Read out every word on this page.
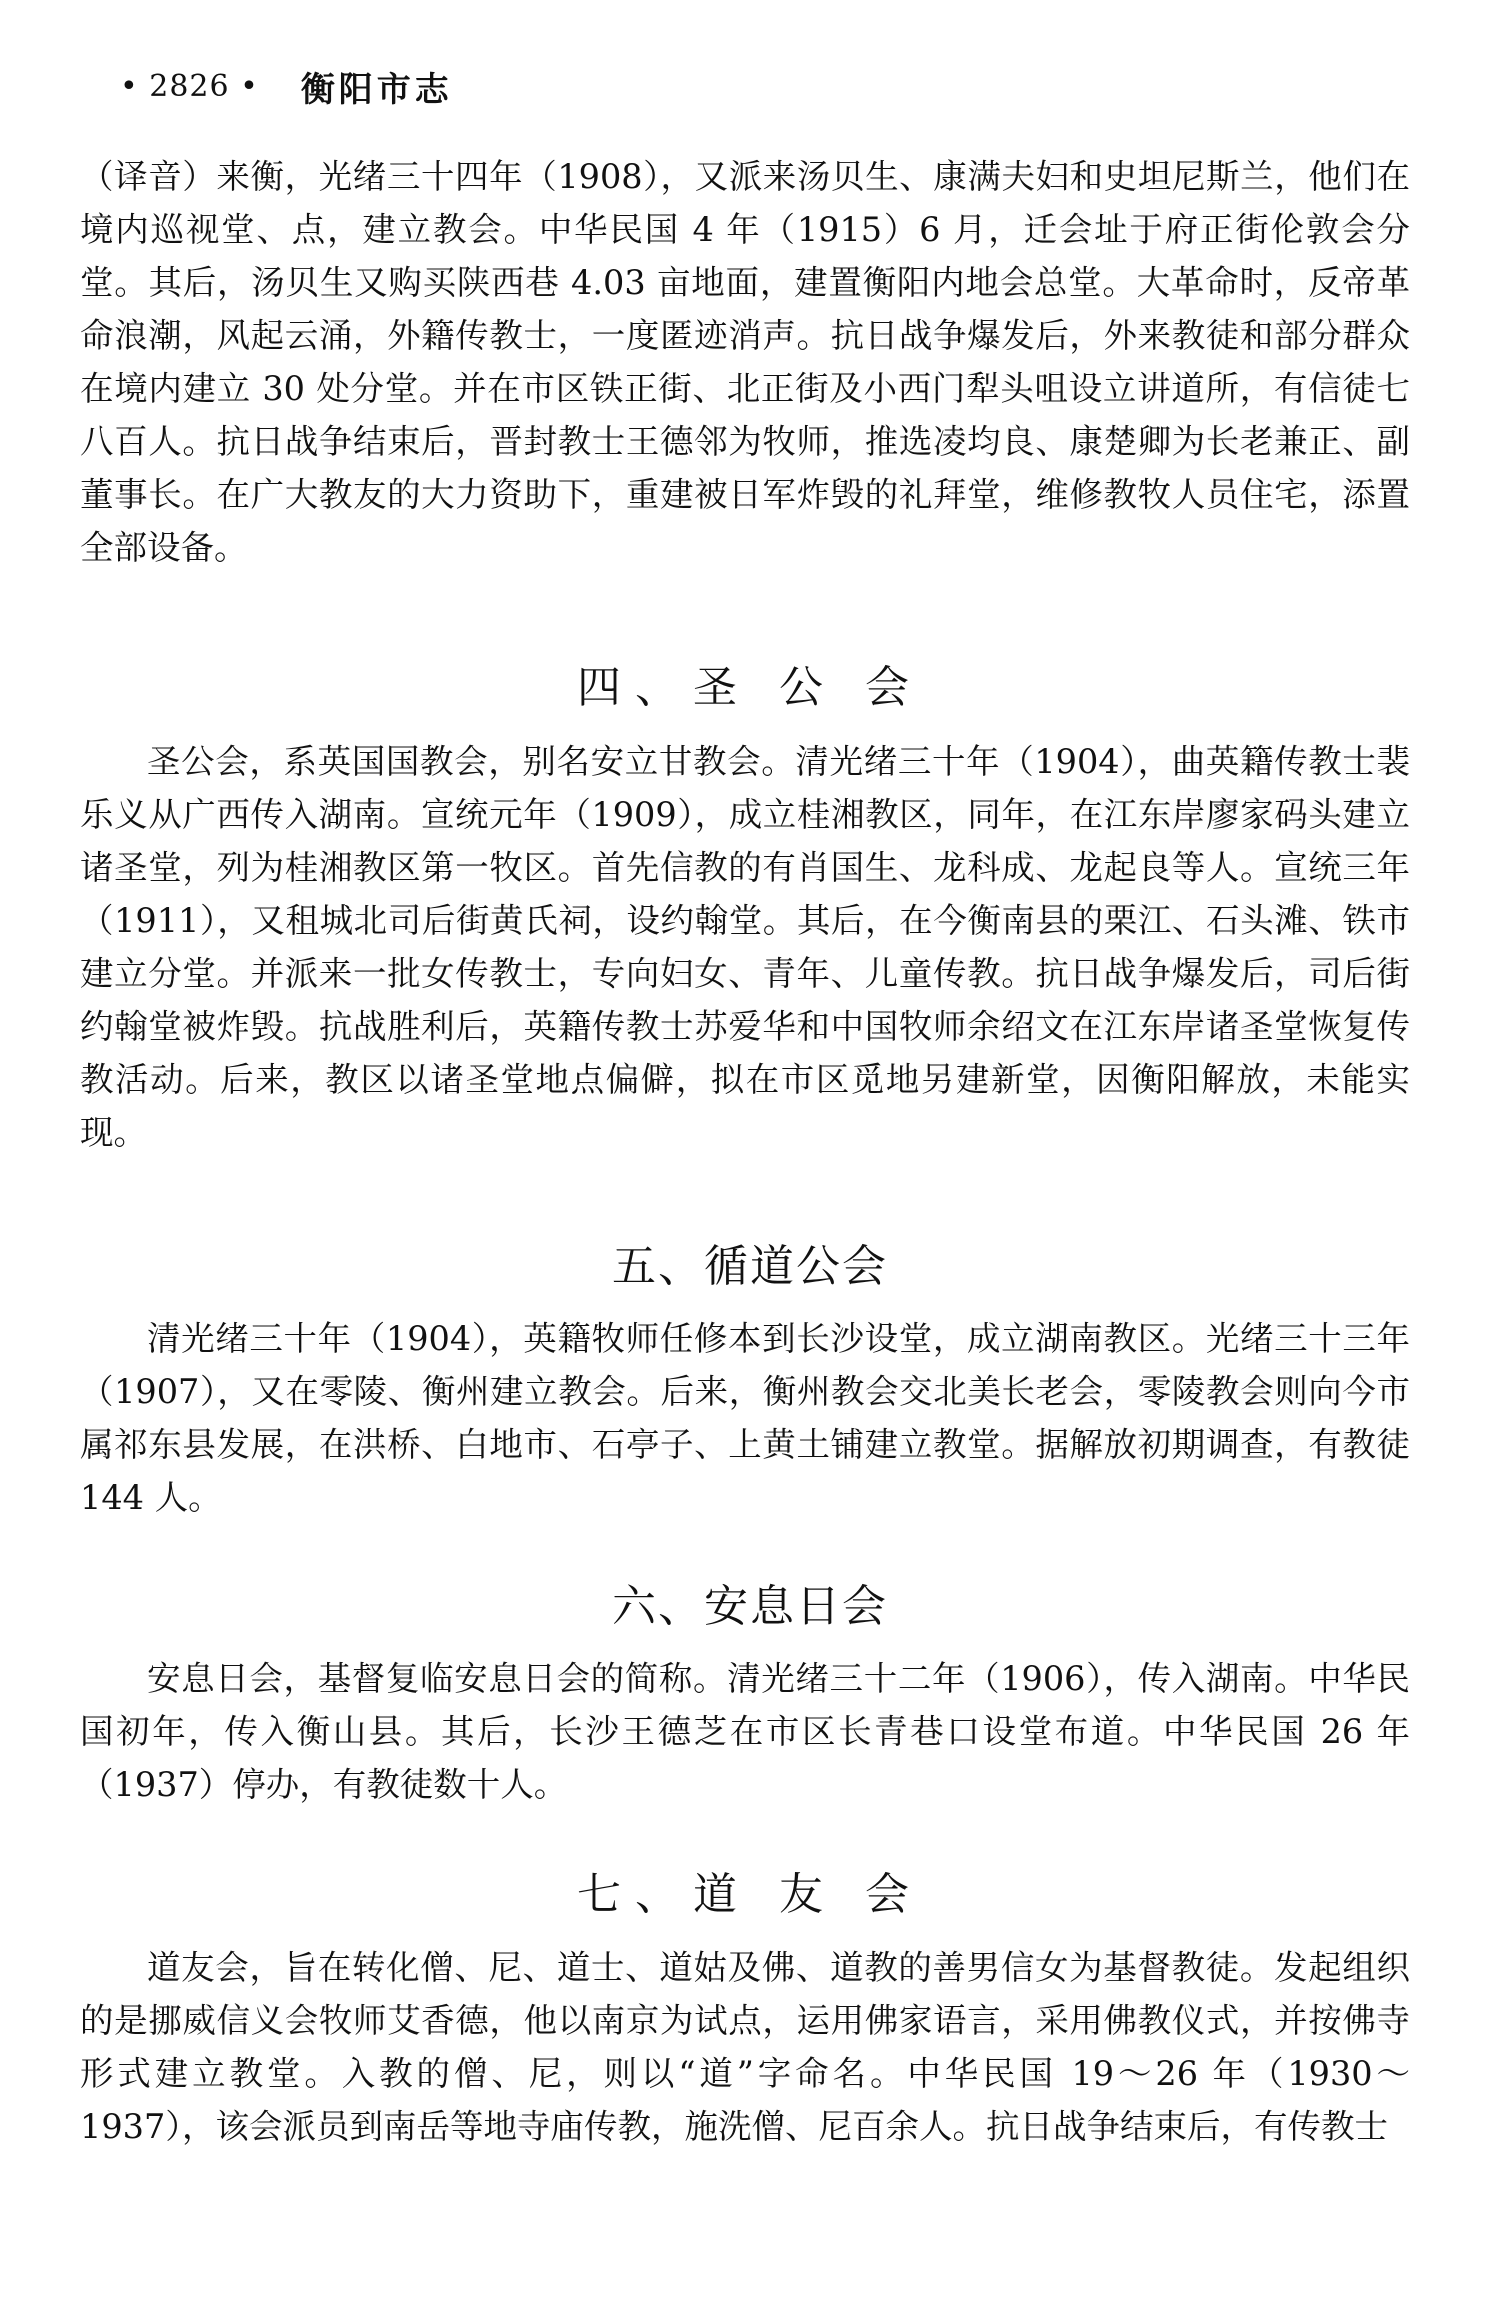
• 2826 • 衡阳市志

（译音）来衡，光绪三十四年（1908），又派来汤贝生、康满夫妇和史坦尼斯兰，他们在境内巡视堂、点，建立教会。中华民国 4 年（1915）6 月，迁会址于府正街伦敦会分堂。其后，汤贝生又购买陕西巷 4.03 亩地面，建置衡阳内地会总堂。大革命时，反帝革命浪潮，风起云涌，外籍传教士，一度匿迹消声。抗日战争爆发后，外来教徒和部分群众在境内建立 30 处分堂。并在市区铁正街、北正街及小西门犁头咀设立讲道所，有信徒七八百人。抗日战争结束后，晋封教士王德邻为牧师，推选凌均良、康楚卿为长老兼正、副董事长。在广大教友的大力资助下，重建被日军炸毁的礼拜堂，维修教牧人员住宅，添置全部设备。

四、圣 公 会

圣公会，系英国国教会，别名安立甘教会。清光绪三十年（1904），曲英籍传教士裴乐义从广西传入湖南。宣统元年（1909），成立桂湘教区，同年，在江东岸廖家码头建立诸圣堂，列为桂湘教区第一牧区。首先信教的有肖国生、龙科成、龙起良等人。宣统三年（1911），又租城北司后街黄氏祠，设约翰堂。其后，在今衡南县的栗江、石头滩、铁市建立分堂。并派来一批女传教士，专向妇女、青年、儿童传教。抗日战争爆发后，司后街约翰堂被炸毁。抗战胜利后，英籍传教士苏爱华和中国牧师余绍文在江东岸诸圣堂恢复传教活动。后来，教区以诸圣堂地点偏僻，拟在市区觅地另建新堂，因衡阳解放，未能实现。

五、循道公会

清光绪三十年（1904），英籍牧师任修本到长沙设堂，成立湖南教区。光绪三十三年（1907），又在零陵、衡州建立教会。后来，衡州教会交北美长老会，零陵教会则向今市属祁东县发展，在洪桥、白地市、石亭子、上黄土铺建立教堂。据解放初期调查，有教徒 144 人。

六、安息日会

安息日会，基督复临安息日会的简称。清光绪三十二年（1906），传入湖南。中华民国初年，传入衡山县。其后，长沙王德芝在市区长青巷口设堂布道。中华民国 26 年（1937）停办，有教徒数十人。

七、道 友 会

道友会，旨在转化僧、尼、道士、道姑及佛、道教的善男信女为基督教徒。发起组织的是挪威信义会牧师艾香德，他以南京为试点，运用佛家语言，采用佛教仪式，并按佛寺形式建立教堂。入教的僧、尼，则以“道”字命名。中华民国 19～26 年（1930～1937），该会派员到南岳等地寺庙传教，施洗僧、尼百余人。抗日战争结束后，有传教士
